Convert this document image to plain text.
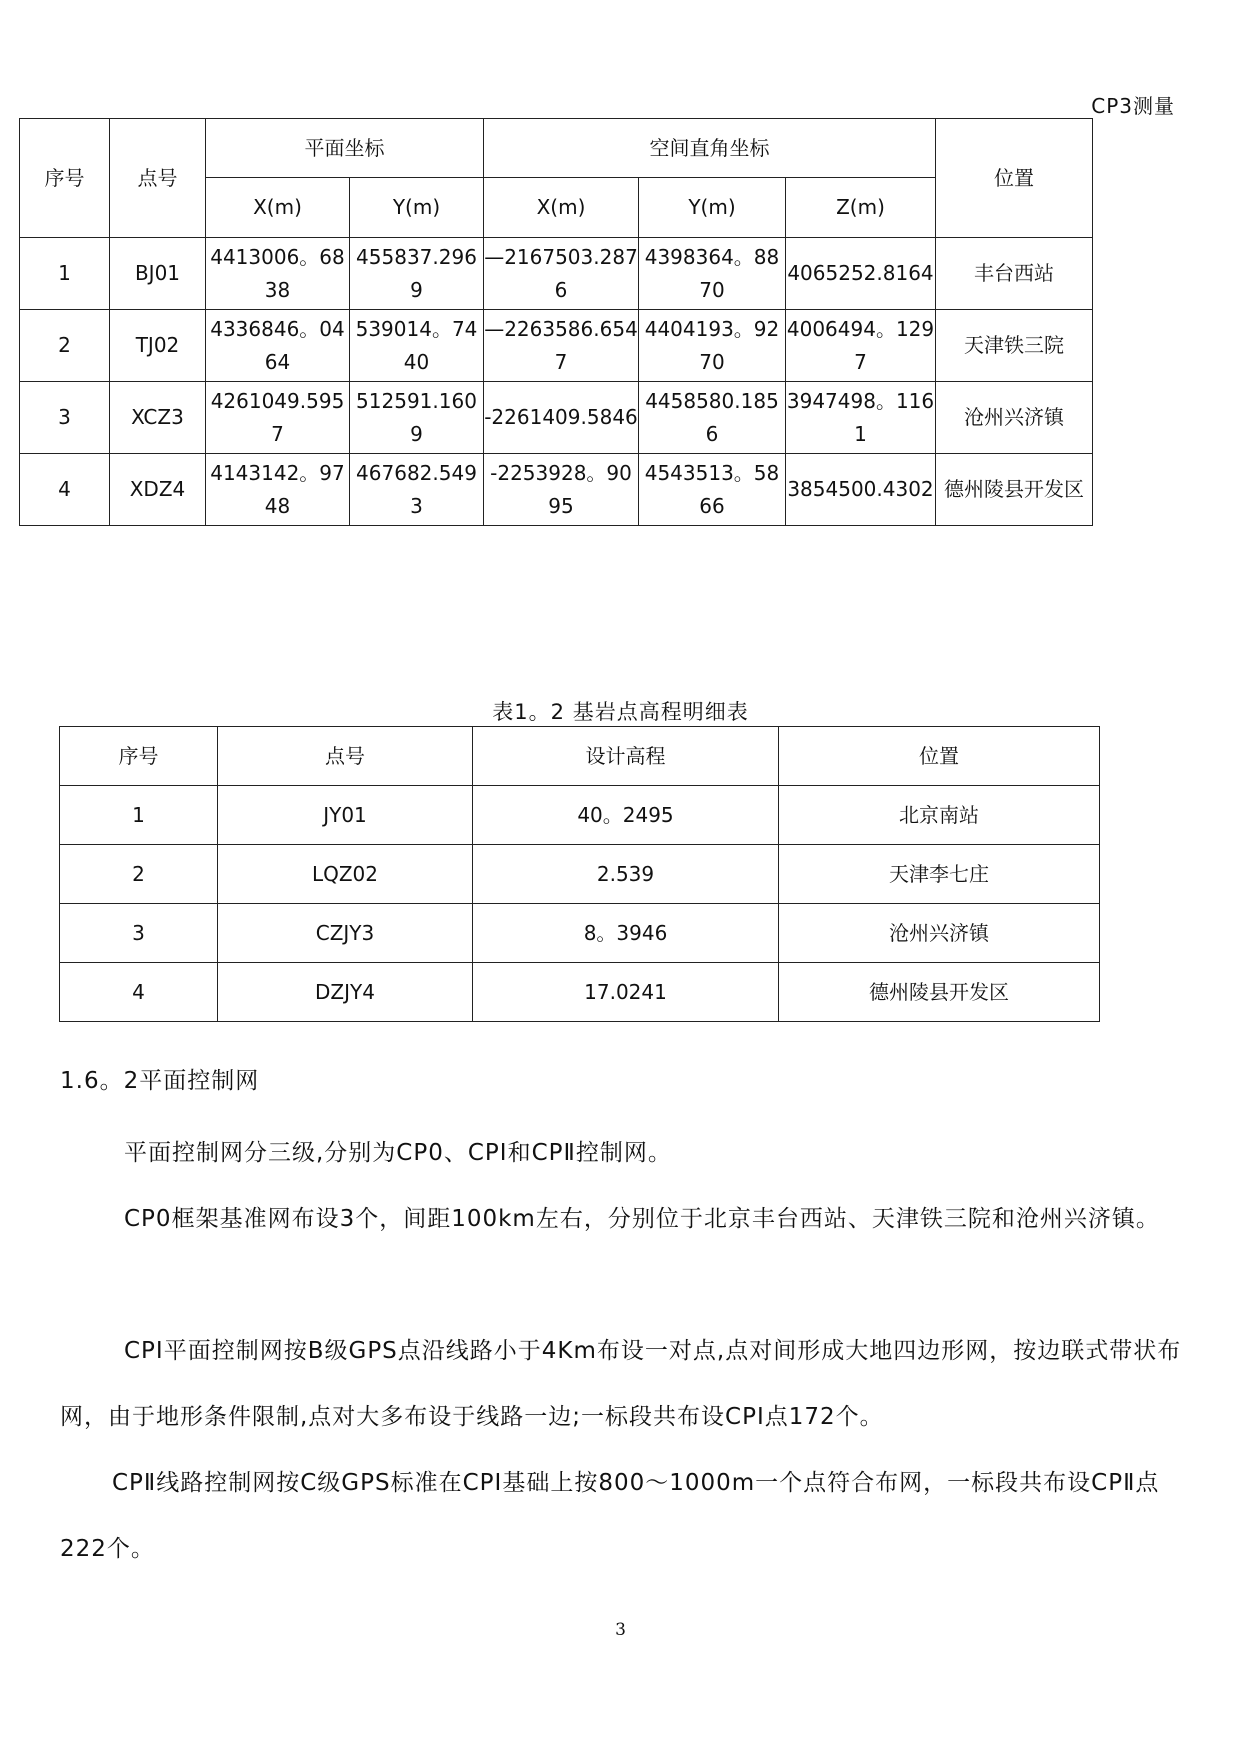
CP3测量
序号	点号	平面坐标		空间直角坐标			位置
		X(m)	Y(m)	X(m)	Y(m)	Z(m)	
1	BJ01	4413006。6838	455837.2969	—2167503.2876	4398364。8870	4065252.8164	丰台西站
2	TJ02	4336846。0464	539014。7440	—2263586.6547	4404193。9270	4006494。1297	天津铁三院
3	XCZ3	4261049.5957	512591.1609	-2261409.5846	4458580.1856	3947498。1161	沧州兴济镇
4	XDZ4	4143142。9748	467682.5493	-2253928。9095	4543513。5866	3854500.4302	德州陵县开发区
表1。2 基岩点高程明细表
序号	点号	设计高程	位置
1	JY01	40。2495	北京南站
2	LQZ02	2.539	天津李七庄
3	CZJY3	8。3946	沧州兴济镇
4	DZJY4	17.0241	德州陵县开发区
1.6。2平面控制网

平面控制网分三级,分别为CP0、CPⅠ和CPⅡ控制网。

CP0框架基准网布设3个，间距100km左右，分别位于北京丰台西站、天津铁三院和沧州兴济镇。

CPⅠ平面控制网按B级GPS点沿线路小于4Km布设一对点,点对间形成大地四边形网，按边联式带状布网，由于地形条件限制,点对大多布设于线路一边;一标段共布设CPⅠ点172个。

CPⅡ线路控制网按C级GPS标准在CPⅠ基础上按800～1000m一个点符合布网，一标段共布设CPⅡ点222个。

3
